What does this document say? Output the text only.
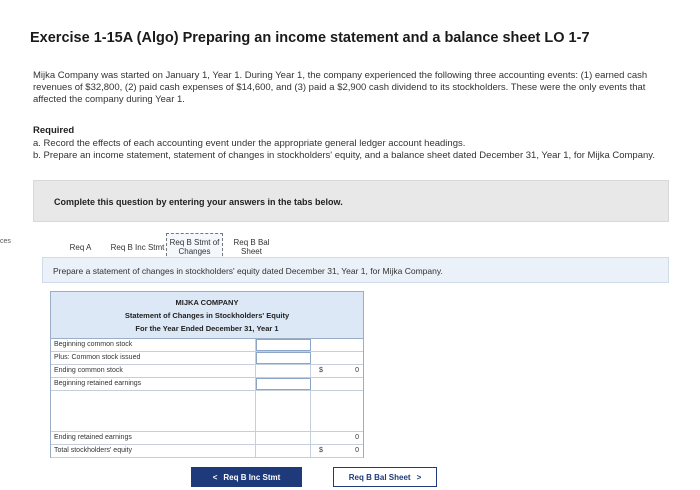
ces
Exercise 1-15A (Algo) Preparing an income statement and a balance sheet LO 1-7
Mijka Company was started on January 1, Year 1. During Year 1, the company experienced the following three accounting events: (1) earned cash revenues of $32,800, (2) paid cash expenses of $14,600, and (3) paid a $2,900 cash dividend to its stockholders. These were the only events that affected the company during Year 1.
Required
a. Record the effects of each accounting event under the appropriate general ledger account headings.
b. Prepare an income statement, statement of changes in stockholders' equity, and a balance sheet dated December 31, Year 1, for Mijka Company.
Complete this question by entering your answers in the tabs below.
Req A	Req B Inc Stmt Req B Stmt of Changes
Req B Bal Sheet
Prepare a statement of changes in stockholders' equity dated December 31, Year 1, for Mijka Company.
MIJKA COMPANY
Statement of Changes in Stockholders' Equity
For the Year Ended December 31, Year 1
Beginning common stock
Plus: Common stock issued
Ending common stock	$	0
Beginning retained earnings
Ending retained earnings	0
Total stockholders' equity	$	0
< Req B Inc Stmt	Req B Bal Sheet >
